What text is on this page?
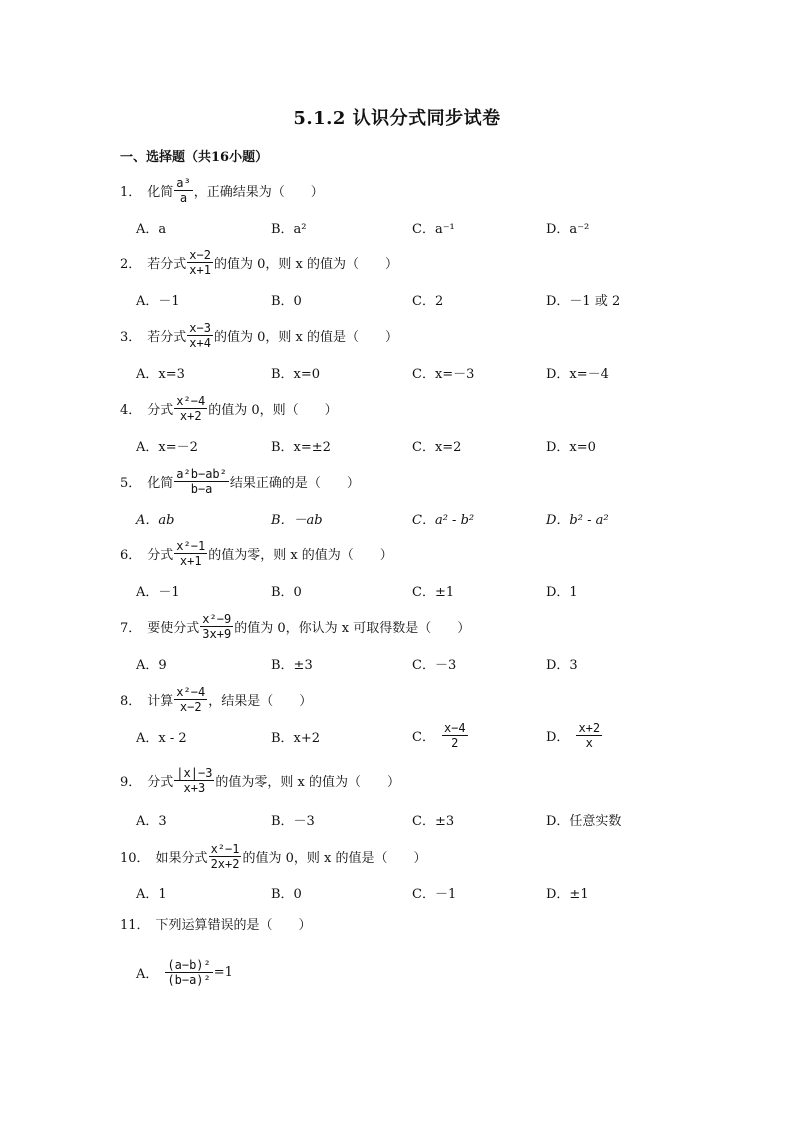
5.1.2 认识分式同步试卷
一、选择题（共16小题）
1． 化简 $\frac{\text{a³}}{a}$ ，正确结果为（　　）
A．a	B．a²	C．a⁻¹	D．a⁻²
2． 若分式 $\frac{x-2}{x+1}$ 的值为 0，则 x 的值为（　　）
A．－1	B．0	C．2	D．－1 或 2
3． 若分式 $\frac{x-3}{x+4}$ 的值为 0，则 x 的值是（　　）
A．x=3	B．x=0	C．x=－3	D．x=－4
4． 分式 $\frac{\text{x²−4}}{x+2}$ 的值为 0，则（　　）
A．x=－2	B．x=±2	C．x=2	D．x=0
5． 化简 $\frac{\text{a²b−ab²}}{b-a}$ 结果正确的是（　　）
A．ab	B．－ab	C．a² - b²	D．b² - a²
6． 分式 $\frac{\text{x²−1}}{x+1}$ 的值为零，则 x 的值为（　　）
A．－1	B．0	C．±1	D．1
7． 要使分式 $\frac{\text{x²−9}}{3x+9}$ 的值为 0，你认为 x 可取得数是（　　）
A．9	B．±3	C．－3	D．3
8． 计算 $\frac{\text{x²−4}}{x-2}$ ，结果是（　　）
A．x - 2	B．x+2	C． $\frac{x-4}{2}$	D． $\frac{x+2}{x}$
9． 分式 $\frac{|x|-3}{x+3}$ 的值为零，则 x 的值为（　　）
A．3	B．－3	C．±3	D．任意实数
10． 如果分式 $\frac{\text{x²−1}}{2x+2}$ 的值为 0，则 x 的值是（　　）
A．1	B．0	C．－1	D．±1
11． 下列运算错误的是（　　）
A． $\frac{\text{(a−b)²}}{\text{(b−a)²}} =1$
